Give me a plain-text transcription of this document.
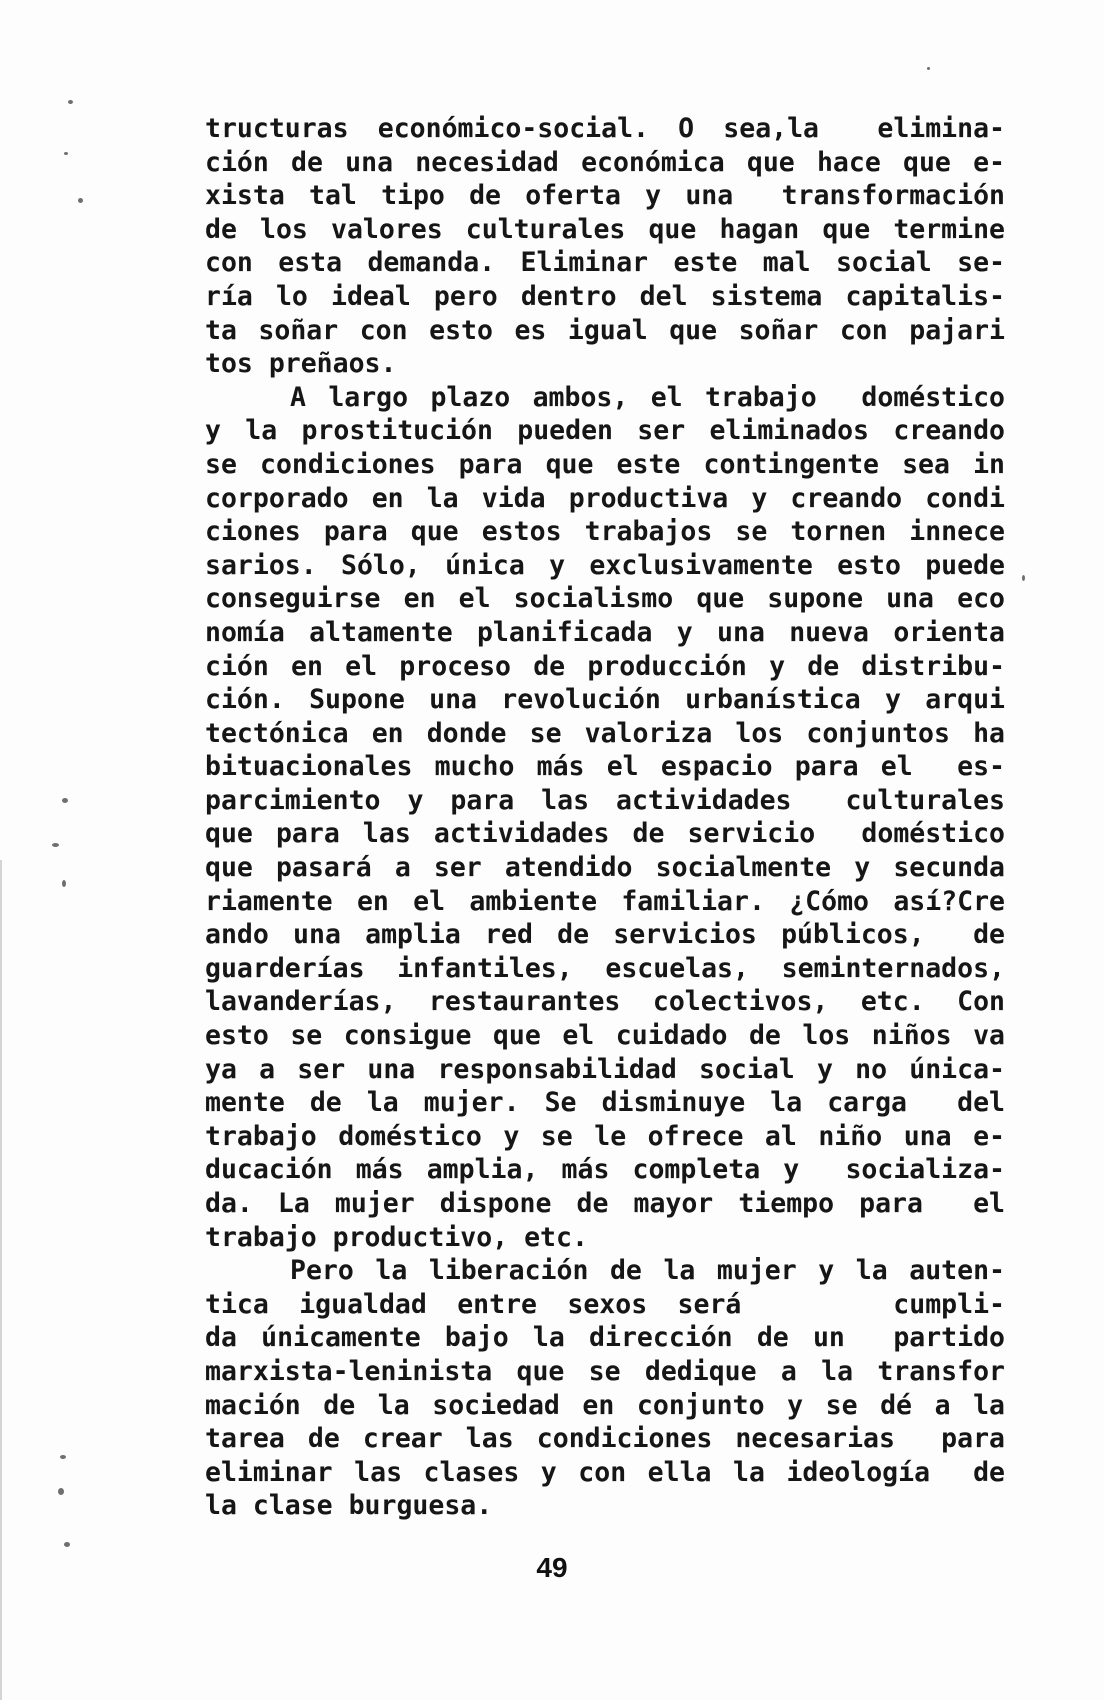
tructuras económico-social. O sea,la  elimina-
ción de una necesidad económica que hace que e-
xista tal tipo de oferta y una  transformación
de los valores culturales que hagan que termine
con esta demanda. Eliminar este mal social se-
ría lo ideal pero dentro del sistema capitalis-
ta soñar con esto es igual que soñar con pajari
tos preñaos.
A largo plazo ambos, el trabajo  doméstico
y la prostitución pueden ser eliminados creando
se condiciones para que este contingente sea in
corporado en la vida productiva y creando condi
ciones para que estos trabajos se tornen innece
sarios. Sólo, única y exclusivamente esto puede
conseguirse en el socialismo que supone una eco
nomía altamente planificada y una nueva orienta
ción en el proceso de producción y de distribu-
ción. Supone una revolución urbanística y arqui
tectónica en donde se valoriza los conjuntos ha
bituacionales mucho más el espacio para el  es-
parcimiento y para las actividades  culturales
que para las actividades de servicio  doméstico
que pasará a ser atendido socialmente y secunda
riamente en el ambiente familiar. ¿Cómo así?Cre
ando una amplia red de servicios públicos,  de
guarderías infantiles, escuelas, seminternados,
lavanderías, restaurantes colectivos, etc. Con
esto se consigue que el cuidado de los niños va
ya a ser una responsabilidad social y no única-
mente de la mujer. Se disminuye la carga  del
trabajo doméstico y se le ofrece al niño una e-
ducación más amplia, más completa y  socializa-
da. La mujer dispone de mayor tiempo para  el
trabajo productivo, etc.
Pero la liberación de la mujer y la auten-
tica igualdad entre sexos será     cumpli-
da únicamente bajo la dirección de un  partido
marxista-leninista que se dedique a la transfor
mación de la sociedad en conjunto y se dé a la
tarea de crear las condiciones necesarias  para
eliminar las clases y con ella la ideología  de
la clase burguesa.
49
